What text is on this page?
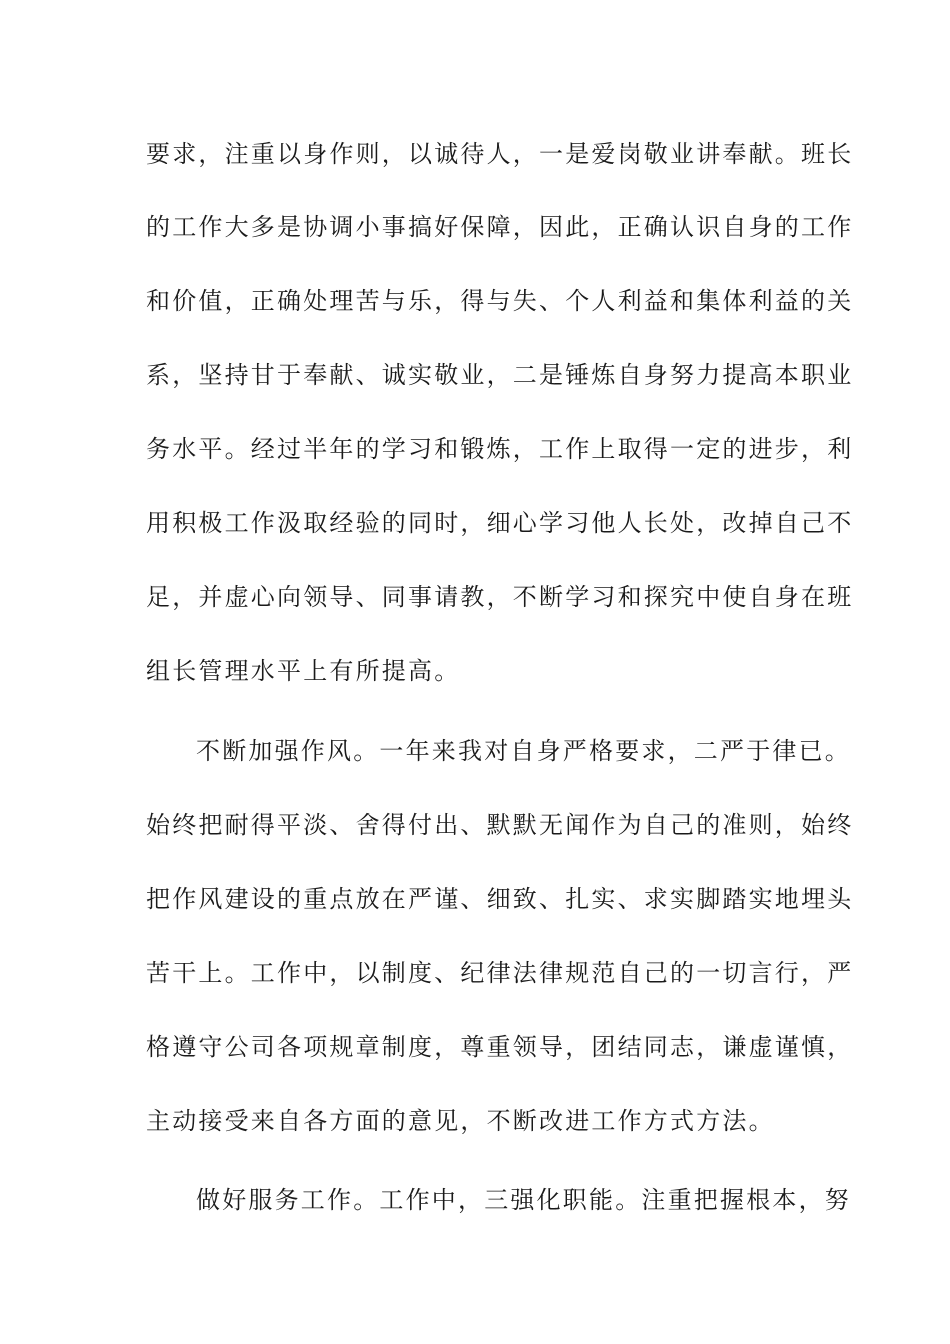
要求，注重以身作则，以诚待人，一是爱岗敬业讲奉献。班长
的工作大多是协调小事搞好保障，因此，正确认识自身的工作
和价值，正确处理苦与乐，得与失、个人利益和集体利益的关
系，坚持甘于奉献、诚实敬业，二是锤炼自身努力提高本职业
务水平。经过半年的学习和锻炼，工作上取得一定的进步，利
用积极工作汲取经验的同时，细心学习他人长处，改掉自己不
足，并虚心向领导、同事请教，不断学习和探究中使自身在班
组长管理水平上有所提高。
不断加强作风。一年来我对自身严格要求，二严于律已。
始终把耐得平淡、舍得付出、默默无闻作为自己的准则，始终
把作风建设的重点放在严谨、细致、扎实、求实脚踏实地埋头
苦干上。工作中，以制度、纪律法律规范自己的一切言行，严
格遵守公司各项规章制度，尊重领导，团结同志，谦虚谨慎，
主动接受来自各方面的意见，不断改进工作方式方法。
做好服务工作。工作中，三强化职能。注重把握根本，努
